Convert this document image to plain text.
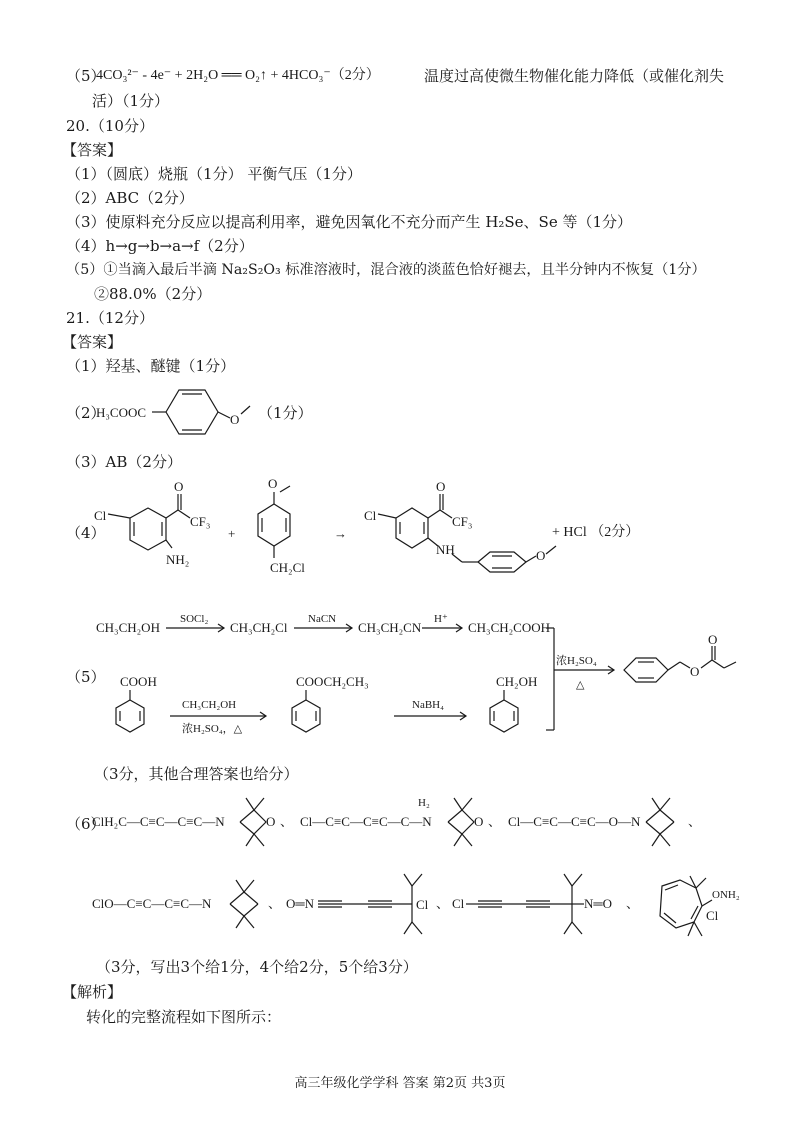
（5）
4CO₃²⁻ - 4e⁻ + 2H₂O ══ O₂↑ + 4HCO₃⁻（2分）	温度过高使微生物催化能力降低（或催化剂失
活）（1分）
20.（10分）
【答案】
（1）（圆底）烧瓶（1分） 平衡气压（1分）
（2）ABC（2分）
（3）使原料充分反应以提高利用率，避免因氧化不充分而产生 H₂Se、Se 等（1分）
（4）h→g→b→a→f（2分）
（5）①当滴入最后半滴 Na₂S₂O₃ 标准溶液时，混合液的淡蓝色恰好褪去，且半分钟内不恢复（1分）
②88.0%（2分）
21.（12分）
【答案】
（1）羟基、醚键（1分）
（2）
H₃COOC	O （1分）
（3）AB（2分）
（4）
Cl
O
CF₃
NH₂
+
O
CH₂Cl
→
Cl
O
CF₃
NH	O
+ HCl （2分）
（5）
CH₃CH₂OH
SOCl₂
CH₃CH₂Cl
NaCN
CH₃CH₂CN
H⁺
CH₃CH₂COOH
浓H₂SO₄
△
O
O
COOH
CH₃CH₂OH
浓H₂SO₄，△
COOCH₂CH₃
NaBH₄
CH₂OH
（3分，其他合理答案也给分）
（6）
ClH₂C—C≡C—C≡C—N	O 、 Cl—C≡C—C≡C—C—N
H₂
O 、 Cl—C≡C—C≡C—O—N	、
ClO—C≡C—C≡C—N	、 O═N	Cl 、 Cl	N═O 、
ONH₂
Cl
（3分，写出3个给1分，4个给2分，5个给3分）
【解析】
转化的完整流程如下图所示：
高三年级化学学科 答案 第2页 共3页
